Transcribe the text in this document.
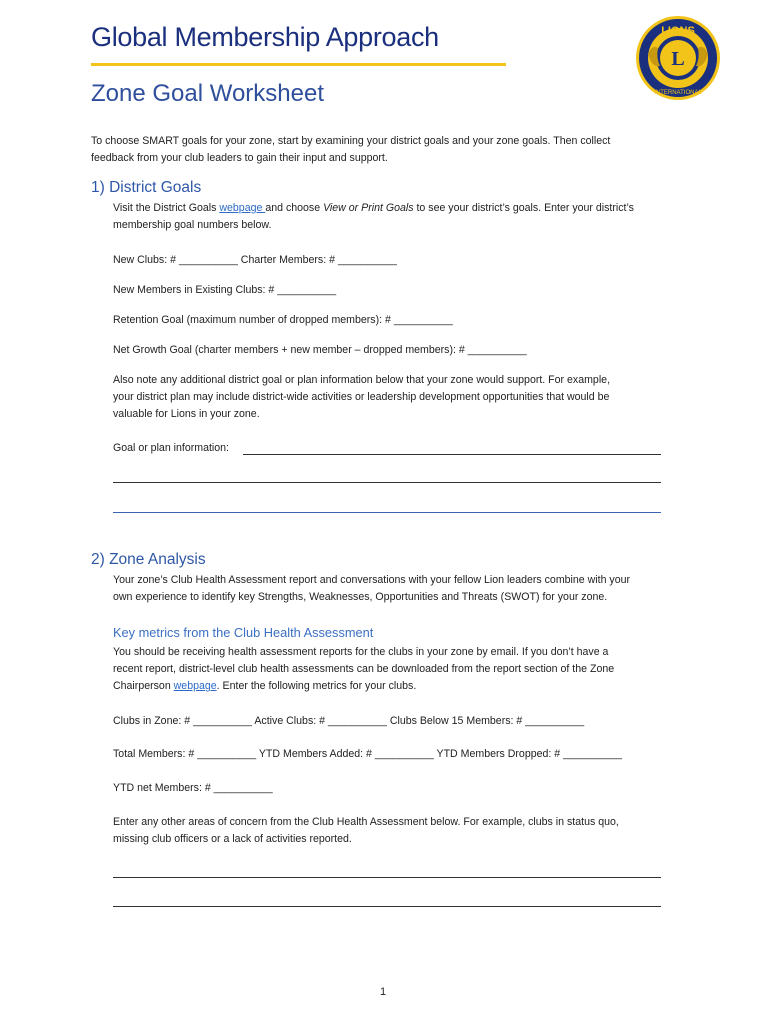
Global Membership Approach	LIONS
L
INTERNATIONAL
Zone Goal Worksheet
To choose SMART goals for your zone, start by examining your district goals and your zone goals. Then collect
feedback from your club leaders to gain their input and support.
1) District Goals
Visit the District Goals webpage and choose View or Print Goals to see your district’s goals. Enter your district’s
membership goal numbers below.
New Clubs: # __________ Charter Members: # __________
New Members in Existing Clubs: # __________
Retention Goal (maximum number of dropped members): # __________
Net Growth Goal (charter members + new member – dropped members): # __________
Also note any additional district goal or plan information below that your zone would support. For example,
your district plan may include district-wide activities or leadership development opportunities that would be
valuable for Lions in your zone.
Goal or plan information:
2) Zone Analysis
Your zone’s Club Health Assessment report and conversations with your fellow Lion leaders combine with your
own experience to identify key Strengths, Weaknesses, Opportunities and Threats (SWOT) for your zone.
Key metrics from the Club Health Assessment
You should be receiving health assessment reports for the clubs in your zone by email. If you don’t have a
recent report, district-level club health assessments can be downloaded from the report section of the Zone
Chairperson webpage. Enter the following metrics for your clubs.
Clubs in Zone: # __________ Active Clubs: # __________ Clubs Below 15 Members: # __________
Total Members: # __________ YTD Members Added: # __________ YTD Members Dropped: # __________
YTD net Members: # __________
Enter any other areas of concern from the Club Health Assessment below. For example, clubs in status quo,
missing club officers or a lack of activities reported.
1
